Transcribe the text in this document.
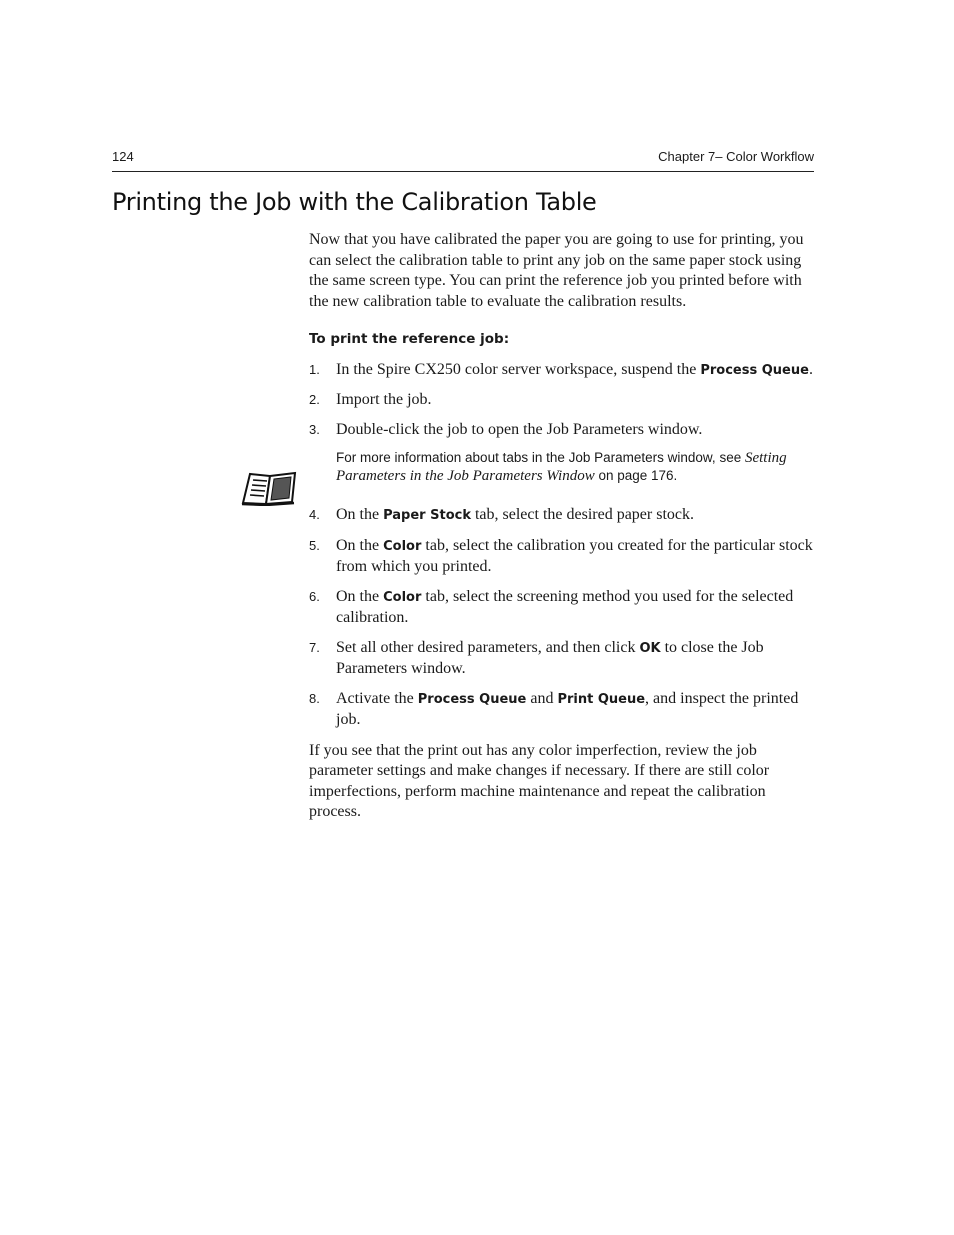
124	Chapter 7– Color Workflow
Printing the Job with the Calibration Table

Now that you have calibrated the paper you are going to use for printing, you can select the calibration table to print any job on the same paper stock using the same screen type. You can print the reference job you printed before with the new calibration table to evaluate the calibration results.

To print the reference job:

1. In the Spire CX250 color server workspace, suspend the Process Queue.
2. Import the job.
3. Double-click the job to open the Job Parameters window.
For more information about tabs in the Job Parameters window, see Setting Parameters in the Job Parameters Window on page 176.
4. On the Paper Stock tab, select the desired paper stock.
5. On the Color tab, select the calibration you created for the particular stock from which you printed.
6. On the Color tab, select the screening method you used for the selected calibration.
7. Set all other desired parameters, and then click OK to close the Job Parameters window.
8. Activate the Process Queue and Print Queue, and inspect the printed job.

If you see that the print out has any color imperfection, review the job parameter settings and make changes if necessary. If there are still color imperfections, perform machine maintenance and repeat the calibration process.
